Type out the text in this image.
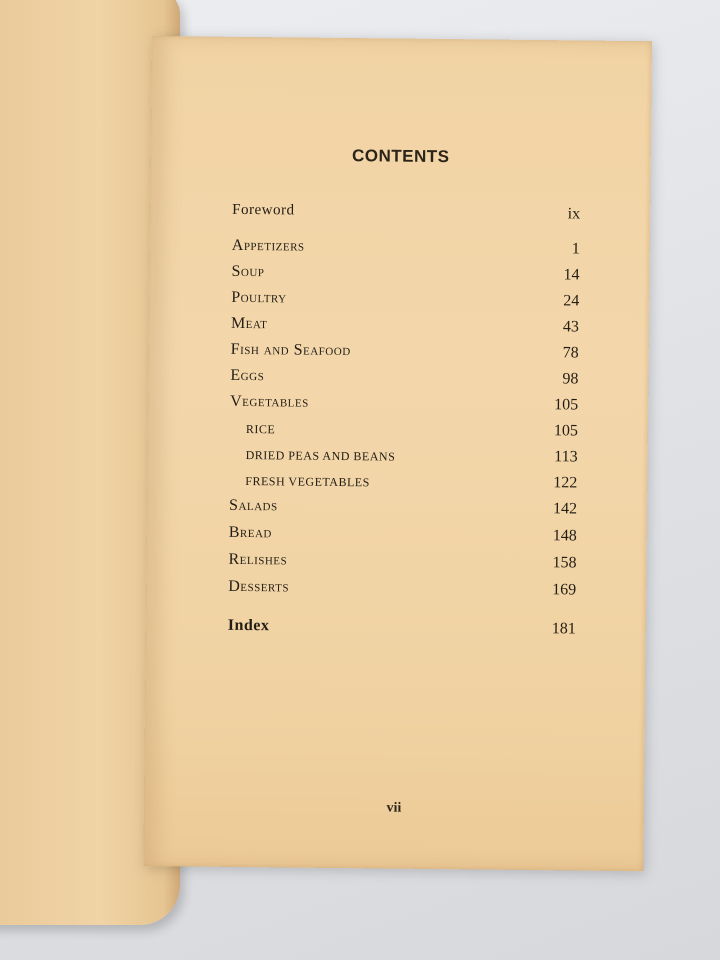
CONTENTS
Foreword	ix
Appetizers	1
Soup	14
Poultry	24
Meat	43
Fish and Seafood	78
Eggs	98
Vegetables	105
RICE	105
DRIED PEAS AND BEANS	113
FRESH VEGETABLES	122
Salads	142
Bread	148
Relishes	158
Desserts	169
Index	181
vii
